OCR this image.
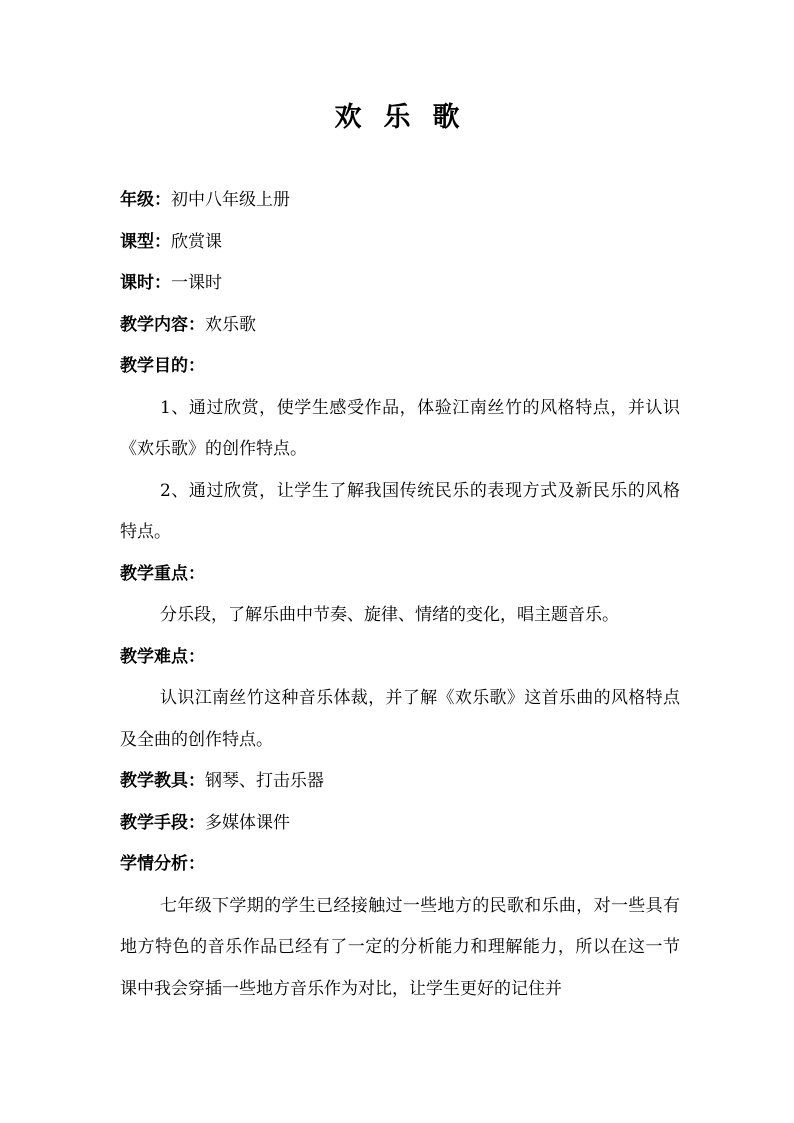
欢乐歌

年级：初中八年级上册

课型：欣赏课

课时：一课时

教学内容：欢乐歌

教学目的：

1、通过欣赏，使学生感受作品，体验江南丝竹的风格特点，并认识《欢乐歌》的创作特点。

2、通过欣赏，让学生了解我国传统民乐的表现方式及新民乐的风格特点。

教学重点：

分乐段，了解乐曲中节奏、旋律、情绪的变化，唱主题音乐。

教学难点：

认识江南丝竹这种音乐体裁，并了解《欢乐歌》这首乐曲的风格特点及全曲的创作特点。

教学教具：钢琴、打击乐器

教学手段：多媒体课件

学情分析：

七年级下学期的学生已经接触过一些地方的民歌和乐曲，对一些具有地方特色的音乐作品已经有了一定的分析能力和理解能力，所以在这一节课中我会穿插一些地方音乐作为对比，让学生更好的记住并
